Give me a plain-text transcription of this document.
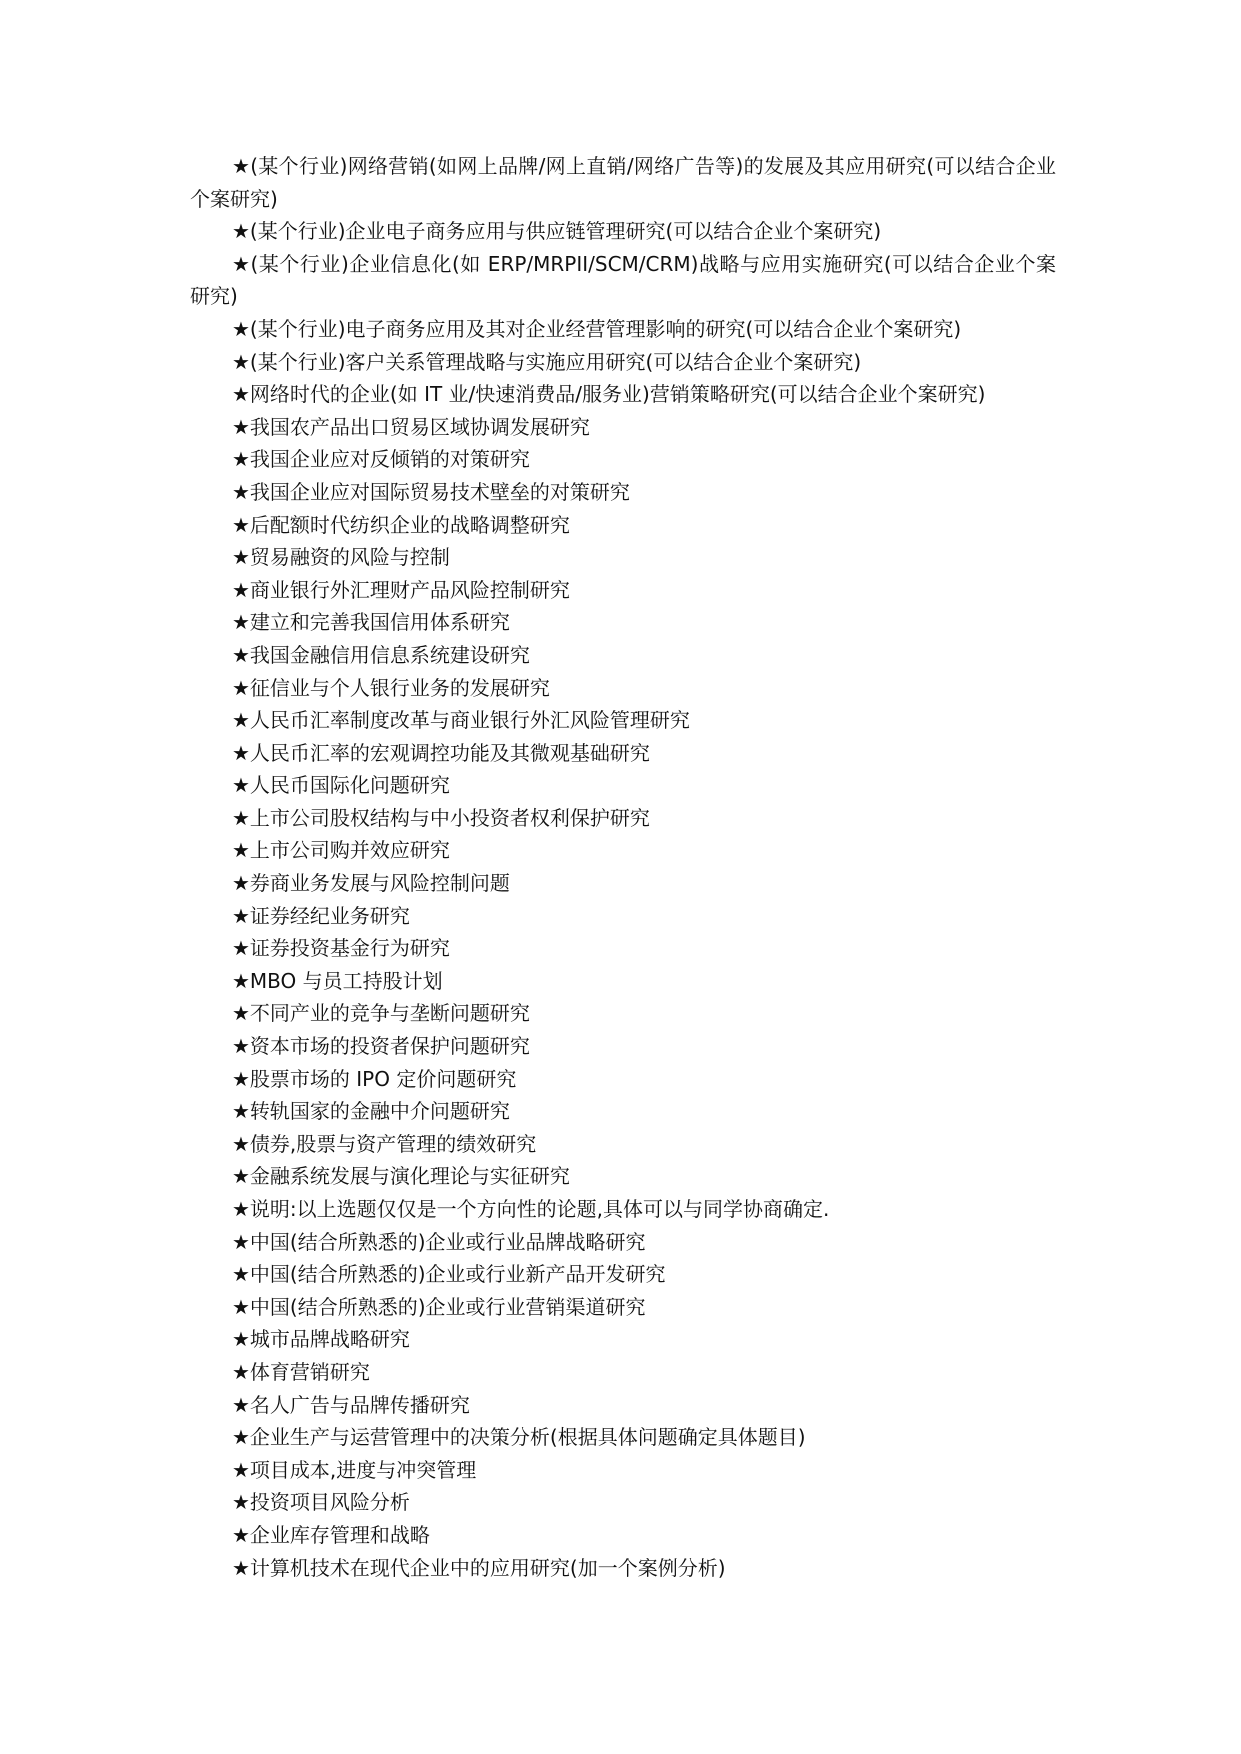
★(某个行业)网络营销(如网上品牌/网上直销/网络广告等)的发展及其应用研究(可以结合企业个案研究)

★(某个行业)企业电子商务应用与供应链管理研究(可以结合企业个案研究)

★(某个行业)企业信息化(如 ERP/MRPII/SCM/CRM)战略与应用实施研究(可以结合企业个案研究)

★(某个行业)电子商务应用及其对企业经营管理影响的研究(可以结合企业个案研究)

★(某个行业)客户关系管理战略与实施应用研究(可以结合企业个案研究)

★网络时代的企业(如 IT 业/快速消费品/服务业)营销策略研究(可以结合企业个案研究)

★我国农产品出口贸易区域协调发展研究

★我国企业应对反倾销的对策研究

★我国企业应对国际贸易技术壁垒的对策研究

★后配额时代纺织企业的战略调整研究

★贸易融资的风险与控制

★商业银行外汇理财产品风险控制研究

★建立和完善我国信用体系研究

★我国金融信用信息系统建设研究

★征信业与个人银行业务的发展研究

★人民币汇率制度改革与商业银行外汇风险管理研究

★人民币汇率的宏观调控功能及其微观基础研究

★人民币国际化问题研究

★上市公司股权结构与中小投资者权利保护研究

★上市公司购并效应研究

★券商业务发展与风险控制问题

★证券经纪业务研究

★证券投资基金行为研究

★MBO 与员工持股计划

★不同产业的竞争与垄断问题研究

★资本市场的投资者保护问题研究

★股票市场的 IPO 定价问题研究

★转轨国家的金融中介问题研究

★债券,股票与资产管理的绩效研究

★金融系统发展与演化理论与实征研究

★说明:以上选题仅仅是一个方向性的论题,具体可以与同学协商确定.

★中国(结合所熟悉的)企业或行业品牌战略研究

★中国(结合所熟悉的)企业或行业新产品开发研究

★中国(结合所熟悉的)企业或行业营销渠道研究

★城市品牌战略研究

★体育营销研究

★名人广告与品牌传播研究

★企业生产与运营管理中的决策分析(根据具体问题确定具体题目)

★项目成本,进度与冲突管理

★投资项目风险分析

★企业库存管理和战略

★计算机技术在现代企业中的应用研究(加一个案例分析)
